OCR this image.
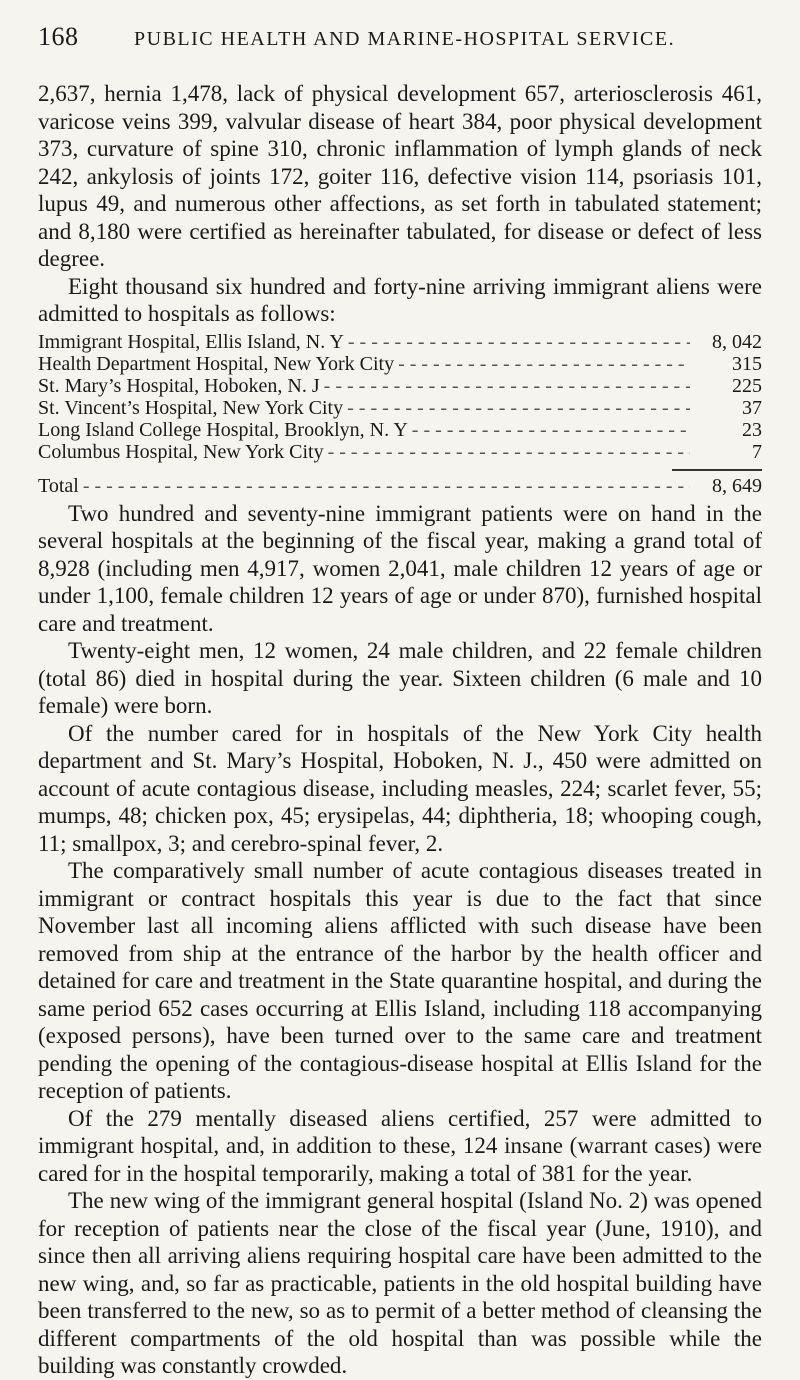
168	PUBLIC HEALTH AND MARINE-HOSPITAL SERVICE.

2,637, hernia 1,478, lack of physical development 657, arteriosclerosis 461, varicose veins 399, valvular disease of heart 384, poor physical development 373, curvature of spine 310, chronic inflammation of lymph glands of neck 242, ankylosis of joints 172, goiter 116, defective vision 114, psoriasis 101, lupus 49, and numerous other affections, as set forth in tabulated statement; and 8,180 were certified as hereinafter tabulated, for disease or defect of less degree.

Eight thousand six hundred and forty-nine arriving immigrant aliens were admitted to hospitals as follows:

Immigrant Hospital, Ellis Island, N. Y - - -	8, 042
Health Department Hospital, New York City - - -	315
St. Mary’s Hospital, Hoboken, N. J - - -	225
St. Vincent’s Hospital, New York City - - -	37
Long Island College Hospital, Brooklyn, N. Y - - -	23
Columbus Hospital, New York City - - -	7
Total - - -	8, 649

Two hundred and seventy-nine immigrant patients were on hand in the several hospitals at the beginning of the fiscal year, making a grand total of 8,928 (including men 4,917, women 2,041, male children 12 years of age or under 1,100, female children 12 years of age or under 870), furnished hospital care and treatment.

Twenty-eight men, 12 women, 24 male children, and 22 female children (total 86) died in hospital during the year. Sixteen children (6 male and 10 female) were born.

Of the number cared for in hospitals of the New York City health department and St. Mary’s Hospital, Hoboken, N. J., 450 were admitted on account of acute contagious disease, including measles, 224; scarlet fever, 55; mumps, 48; chicken pox, 45; erysipelas, 44; diphtheria, 18; whooping cough, 11; smallpox, 3; and cerebro-spinal fever, 2.

The comparatively small number of acute contagious diseases treated in immigrant or contract hospitals this year is due to the fact that since November last all incoming aliens afflicted with such disease have been removed from ship at the entrance of the harbor by the health officer and detained for care and treatment in the State quarantine hospital, and during the same period 652 cases occurring at Ellis Island, including 118 accompanying (exposed persons), have been turned over to the same care and treatment pending the opening of the contagious-disease hospital at Ellis Island for the reception of patients.

Of the 279 mentally diseased aliens certified, 257 were admitted to immigrant hospital, and, in addition to these, 124 insane (warrant cases) were cared for in the hospital temporarily, making a total of 381 for the year.

The new wing of the immigrant general hospital (Island No. 2) was opened for reception of patients near the close of the fiscal year (June, 1910), and since then all arriving aliens requiring hospital care have been admitted to the new wing, and, so far as practicable, patients in the old hospital building have been transferred to the new, so as to permit of a better method of cleansing the different compartments of the old hospital than was possible while the building was constantly crowded.
